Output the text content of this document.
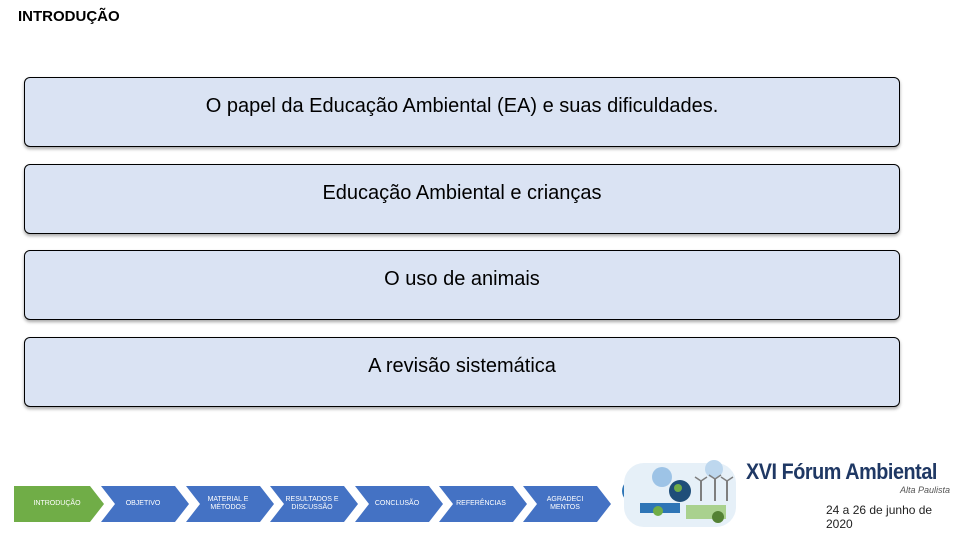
INTRODUÇÃO
O papel da Educação Ambiental (EA) e suas dificuldades.
Educação Ambiental e crianças
O uso de animais
A revisão sistemática
INTRODUÇÃO	OBJETIVO
MATERIAL E MÉTODOS
RESULTADOS E DISCUSSÃO
CONCLUSÃO	REFERÊNCIAS
AGRADECI MENTOS
XVI Fórum Ambiental
Alta Paulista
24 a 26 de junho de 2020
